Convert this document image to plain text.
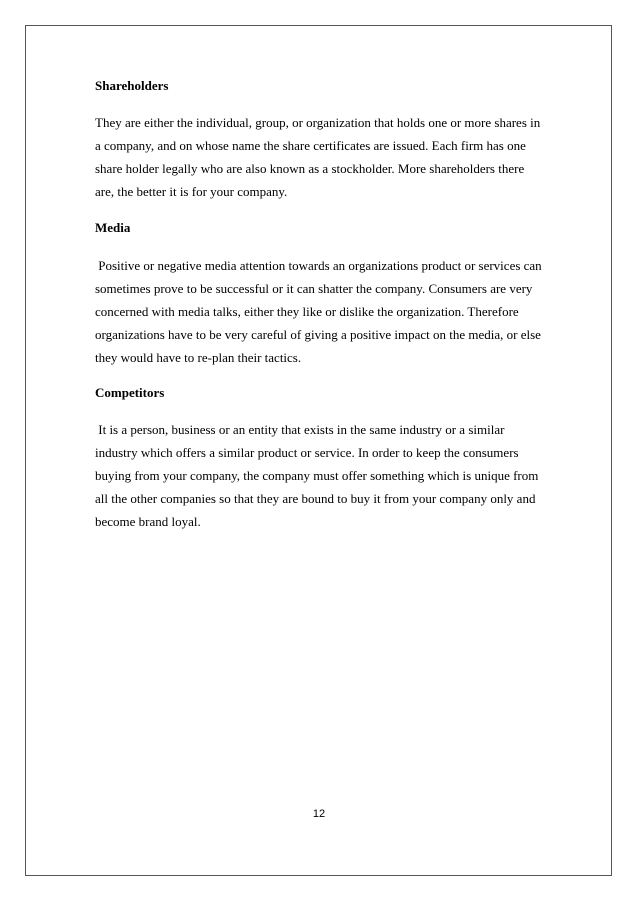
Shareholders
They are either the individual, group, or organization that holds one or more shares in
a company, and on whose name the share certificates are issued. Each firm has one
share holder legally who are also known as a stockholder. More shareholders there
are, the better it is for your company.
Media
Positive or negative media attention towards an organizations product or services can
sometimes prove to be successful or it can shatter the company. Consumers are very
concerned with media talks, either they like or dislike the organization. Therefore
organizations have to be very careful of giving a positive impact on the media, or else
they would have to re-plan their tactics.
Competitors
It is a person, business or an entity that exists in the same industry or a similar
industry which offers a similar product or service. In order to keep the consumers
buying from your company, the company must offer something which is unique from
all the other companies so that they are bound to buy it from your company only and
become brand loyal.
12
